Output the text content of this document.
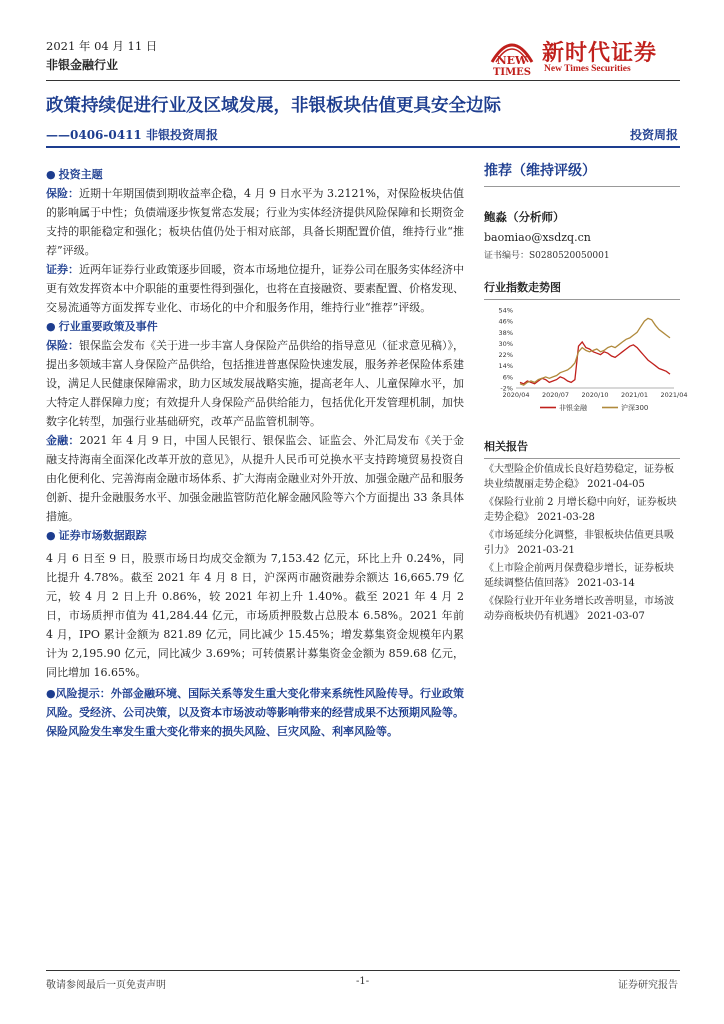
2021 年 04 月 11 日
非银金融行业	NEW
TIMES
新时代证券
New Times Securities
政策持续促进行业及区域发展，非银板块估值更具安全边际
——0406-0411 非银投资周报	投资周报
● 投资主题
保险：近期十年期国债到期收益率企稳，4 月 9 日水平为 3.2121%，对保险板块估值的影响属于中性；负债端逐步恢复常态发展；行业为实体经济提供风险保障和长期资金支持的职能稳定和强化；板块估值仍处于相对底部，具备长期配置价值，维持行业“推荐”评级。
证券：近两年证券行业政策逐步回暖，资本市场地位提升，证券公司在服务实体经济中更有效发挥资本中介职能的重要性得到强化，也将在直接融资、要素配置、价格发现、交易流通等方面发挥专业化、市场化的中介和服务作用，维持行业“推荐”评级。
● 行业重要政策及事件
保险：银保监会发布《关于进一步丰富人身保险产品供给的指导意见（征求意见稿）》，提出多领域丰富人身保险产品供给，包括推进普惠保险快速发展，服务养老保险体系建设，满足人民健康保障需求，助力区域发展战略实施，提高老年人、儿童保障水平，加大特定人群保障力度；有效提升人身保险产品供给能力，包括优化开发管理机制，加快数字化转型，加强行业基础研究，改革产品监管机制等。
金融：2021 年 4 月 9 日，中国人民银行、银保监会、证监会、外汇局发布《关于金融支持海南全面深化改革开放的意见》，从提升人民币可兑换水平支持跨境贸易投资自由化便利化、完善海南金融市场体系、扩大海南金融业对外开放、加强金融产品和服务创新、提升金融服务水平、加强金融监管防范化解金融风险等六个方面提出 33 条具体措施。
● 证券市场数据跟踪
4 月 6 日至 9 日，股票市场日均成交金额为 7,153.42 亿元，环比上升 0.24%，同比提升 4.78%。截至 2021 年 4 月 8 日，沪深两市融资融券余额达 16,665.79 亿元，较 4 月 2 日上升 0.86%，较 2021 年初上升 1.40%。截至 2021 年 4 月 2 日，市场质押市值为 41,284.44 亿元，市场质押股数占总股本 6.58%。2021 年前 4 月，IPO 累计金额为 821.89 亿元，同比减少 15.45%；增发募集资金规模年内累计为 2,195.90 亿元，同比减少 3.69%；可转债累计募集资金金额为 859.68 亿元，同比增加 16.65%。
●风险提示：外部金融环境、国际关系等发生重大变化带来系统性风险传导。行业政策风险。受经济、公司决策，以及资本市场波动等影响带来的经营成果不达预期风险等。保险风险发生率发生重大变化带来的损失风险、巨灾风险、利率风险等。
推荐（维持评级）
鲍淼（分析师）
baomiao@xsdzq.cn
证书编号：S0280520050001
行业指数走势图
54%
46%
38%
30%
22%
14%
6%
-2%
2020/04 2020/07 2020/10 2021/01 2021/04
非银金融	沪深300
相关报告
《大型险企价值成长良好趋势稳定，证券板块业绩靓丽走势企稳》 2021-04-05
《保险行业前 2 月增长稳中向好，证券板块走势企稳》 2021-03-28
《市场延续分化调整，非银板块估值更具吸引力》 2021-03-21
《上市险企前两月保费稳步增长，证券板块延续调整估值回落》 2021-03-14
《保险行业开年业务增长改善明显，市场波动券商板块仍有机遇》 2021-03-07
敬请参阅最后一页免责声明	-1-	证券研究报告
